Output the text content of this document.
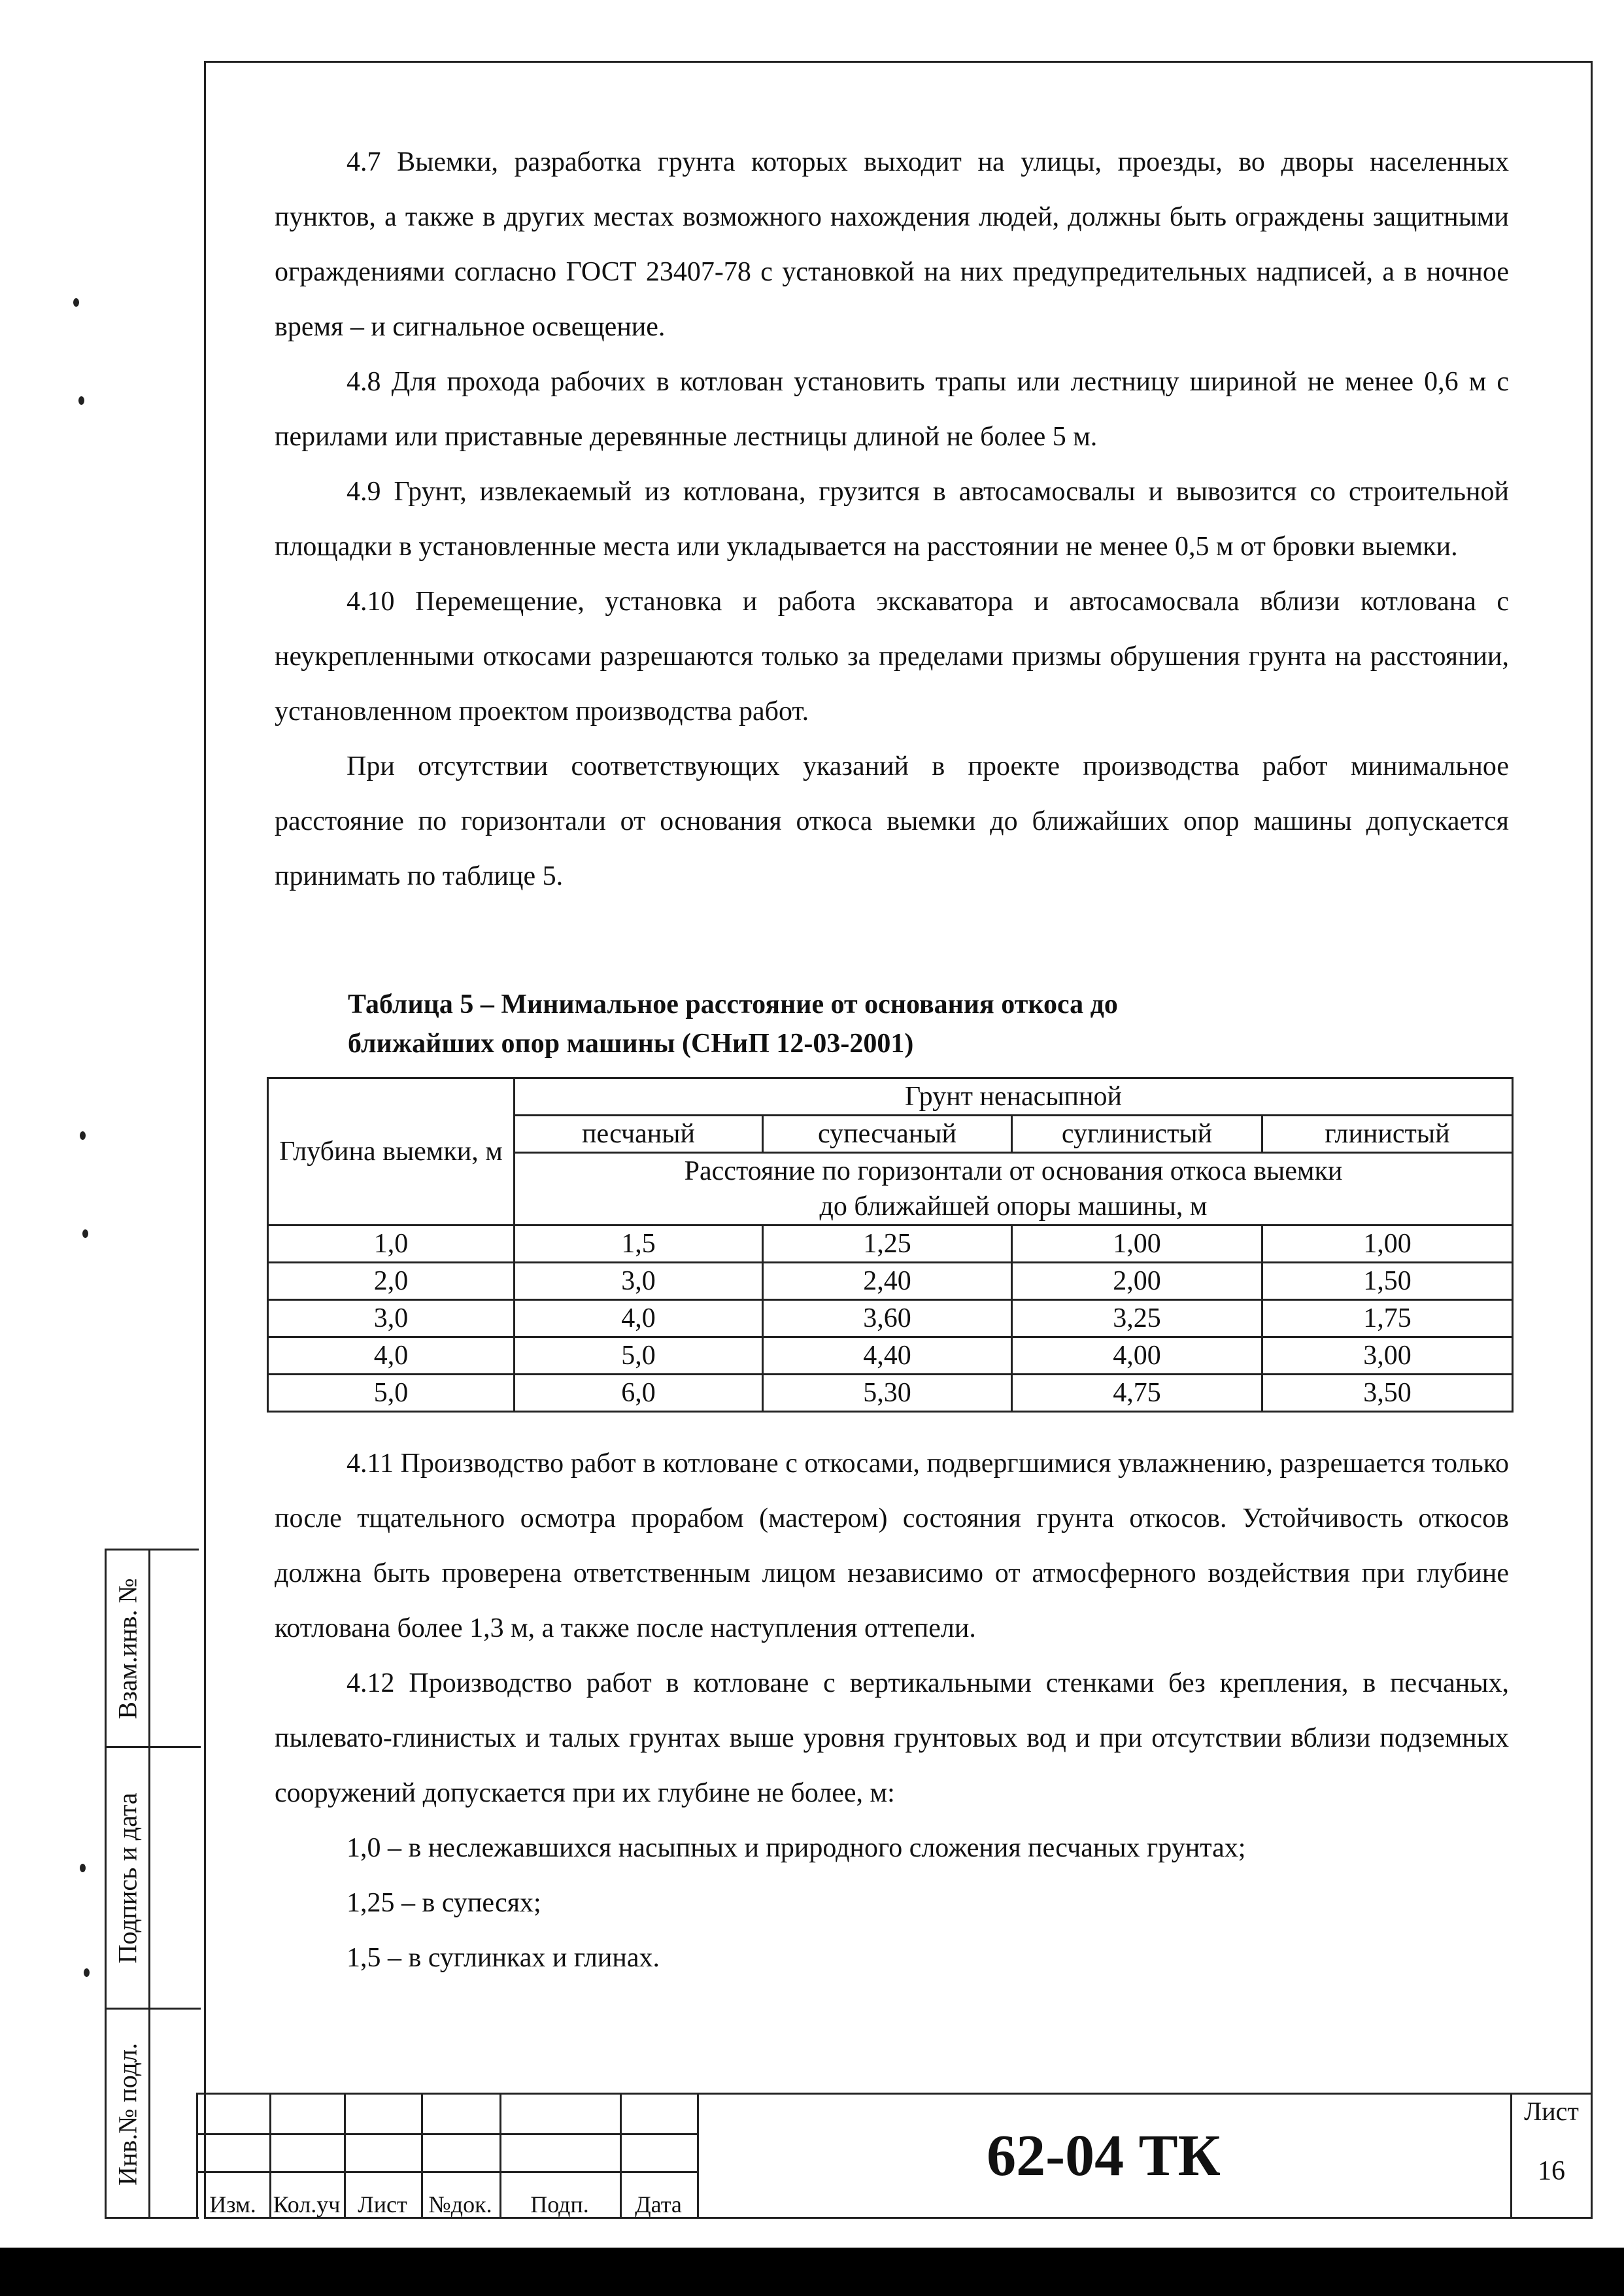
Взам.инв. №
Подпись и дата
Инв.№ подл.

4.7 Выемки, разработка грунта которых выходит на улицы, проезды, во дворы населенных пунктов, а также в других местах возможного нахождения людей, должны быть ограждены защитными ограждениями согласно ГОСТ 23407-78 с установкой на них предупредительных надписей, а в ночное время – и сигнальное освещение.

4.8 Для прохода рабочих в котлован установить трапы или лестницу шириной не менее 0,6 м с перилами или приставные деревянные лестницы длиной не более 5 м.

4.9 Грунт, извлекаемый из котлована, грузится в автосамосвалы и вывозится со строительной площадки в установленные места или укладывается на расстоянии не менее 0,5 м от бровки выемки.

4.10 Перемещение, установка и работа экскаватора и автосамосвала вблизи котлована с неукрепленными откосами разрешаются только за пределами призмы обрушения грунта на расстоянии, установленном проектом производства работ.

При отсутствии соответствующих указаний в проекте производства работ минимальное расстояние по горизонтали от основания откоса выемки до ближайших опор машины допускается принимать по таблице 5.

Таблица 5 – Минимальное расстояние от основания откоса до
ближайших опор машины (СНиП 12-03-2001)
Глубина выемки, м	Грунт ненасыпной			
	песчаный	супесчаный	суглинистый	глинистый

	Расстояние по горизонтали от основания откоса выемки
до ближайшей опоры машины, м			

1,0	1,5	1,25	1,00	1,00
2,0	3,0	2,40	2,00	1,50
3,0	4,0	3,60	3,25	1,75
4,0	5,0	4,40	4,00	3,00
5,0	6,0	5,30	4,75	3,50

4.11 Производство работ в котловане с откосами, подвергшимися увлажнению, разрешается только после тщательного осмотра прорабом (мастером) состояния грунта откосов. Устойчивость откосов должна быть проверена ответственным лицом независимо от атмосферного воздействия при глубине котлована более 1,3 м, а также после наступления оттепели.

4.12 Производство работ в котловане с вертикальными стенками без крепления, в песчаных, пылевато-глинистых и талых грунтах выше уровня грунтовых вод и при отсутствии вблизи подземных сооружений допускается при их глубине не более, м:

1,0 – в неслежавшихся насыпных и природного сложения песчаных грунтах;

1,25 – в супесях;

1,5 – в суглинках и глинах.

Изм. Кол.уч Лист №док.	Подп.	Дата
62-04 ТК
Лист
16
